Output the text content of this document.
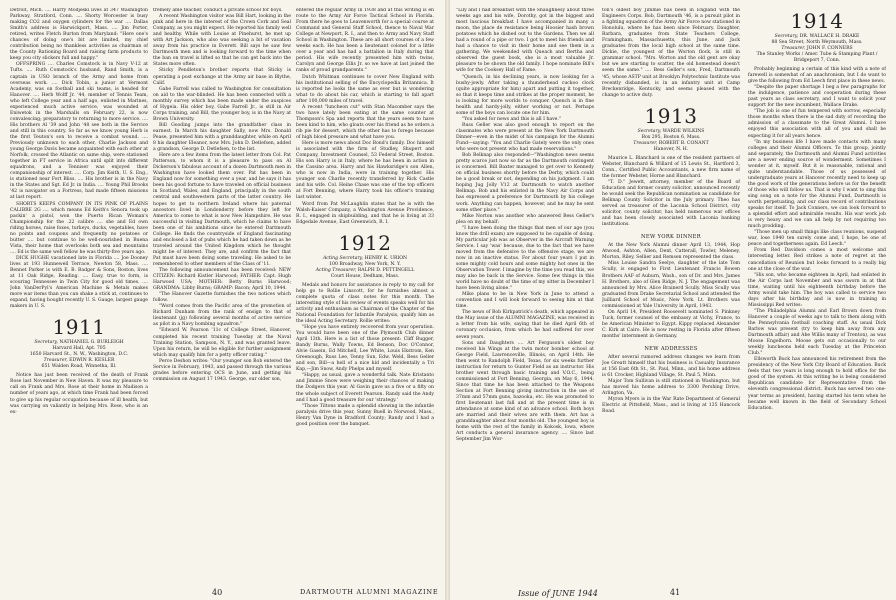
Detroit, Mich. .... Harry Modjeski lives at 347 Washington Parkway, Stratford, Conn. .... Shorty Worcester is busy making CO2 and oxygen cylinders for the war .... Dallas Smith's address is Harwickport, Mass. .... Jim Porter, retired, writes Fletch Burton from Maryland: "Here one's chances of doing one's bit are limited, my chief contribution being no thankless activities as chairman of the County Rationing Board and raising farm products to keep you city slickers full and happy."

OFFSPRING .... Charles Comstock is in Navy V-12 at Tufts. .... Ruth Comstock's husband, Rand Smith, is a captain in USO branch of the Army and home from overseas work. .... Dick Tobin, a junior at Vermont Academy, was on football and ski teams, is headed for Hanover. .... Herb Wolff Jr. '44, member of Tennis Team, who left College year and a half ago, enlisted in Marines, experienced much active service, was wounded at Eniwetok in the Marshalls on February 22, is now convalescing; preparatory to returning to more service. .... His brothers Al '39 and John '48 see both in the Service and still in this country. So far as we know young Herb is the first Teuton's son to receive a combat wound. .... Previously unknown to each other, Charlie Jackson and young George Davis became acquainted with each other at Norfolk, crossed the Atlantic on same ship, were stationed together in FT service in Africa until split into different squadrons, and a Tenniser was enjoyed their companionship of interest. .... Corp. Jim Keith, U. S. Eng., is stationed near Fort Bliss. .... His brother is in the Navy in the States and Sgt. Ed Jr. in India. .... Young Phil Brooks '42 is navigator on a Fortress, had made fifteen missions at last report.

SHORTS KEEPS COMPANY IN ITS PINK OF PLAINS CALIBRE 2G .... which means Ed Keith's Senora took up packin' a pistol, won the Puerto Rican Woman's Championship for the .22 calibre .... she and Ed own riding horses, raise foxes, turkeys, ducks, vegetables, have no points and coupons and frequently no potatoes or butter .... but continue to be well-nourished in Buena Vista, their home that overlooks both sea and mountains .... Ed is the same well fellow he was thirty-five years ago.

DICK HUGHE vacationed late in Florida .... Joe Dooney lives at 193 Hunnewell Terrace, Newton 58, Mass. .... Bennet Parker is with E. B. Badger & Sons, Boston, lives at 11 Oak Ridge, Reading. .... Easy, true to form, is scouring Tennessee in Twin City for good old times. .... John VanDerPyl's American Machine & Metals makes more war items than you can shake a stick at, continues to expand, having bought recently U. S. Gauge, largest gauge makers in U. S.

1911
Secretary, NATHANIEL G. BURLEIGH
Harvard Hall, Apt. 705
1650 Harvard St., N. W., Washington, D.C.
Treasurer, EDWIN R. KESLER
651 Walden Road, Winnetka, Ill.

Notice has just been received of the death of Frank Rose last November in New Haven. It was my pleasure to call on Frank and Mrs. Rose at their home in Madison a number of years ago, at which time Frank had been forced to give up his regular occupation because of ill health, but was carrying on valiantly in helping Mrs. Rose, who is an ex-

tremely able teacher, conduct a private school for boys.

A recent Washington visitor was Bill Hart, looking in the pink and here in the interest of the Crown Cork and Seal Company, as you might expect. He reported his family well and healthy. While with Louise at Pinehurst, he met up with Art Jackson, who also was seeking a bit of vacation away from his practice in Everett. Bill says he saw few Dartmouth men and is looking forward to the time when the ban on travel is lifted so that he can get back into the States more often.

Sticky Pendleton's brother reports that Sticky is operating a post exchange at the Army air base in Blythe, Calif.

Gabe Farrell was called to Washington for consultation on aid to the war-blinded. He has been connected with a monthly survey which has been made under the auspices of Hygeia. His older boy, Gabe Farrell Jr., is still in Air Corps training, and Bill, the younger boy, is in the Navy at Brown University.

Bill Gooding jumps into the grandfather class in earnest. In March his daughter Sally, now Mrs. Donald Pease, presented him with a granddaughter, while on April 8 his daughter Eleanor, now Mrs. John D. Detlefsen, added a grandson, George D. Detlefsen, to the list.

Here are a few items from the latest letter from Col. Pat Patterson, to whom it is a pleasure to pass on Al Dickerson's fabulous account of a dozen Dartmouth men in Washington have looked them over. Pat has been in England now for something over a year, and he says it has been his good fortune to have traveled on official business in Scotland, Wales, and England, principally in the south central and southwestern parts of the latter country. He hopes to get to northern Ireland where his paternal ancestors lived in Londonderry before they left for America to come to what is now New Hampshire. He was successful in visiting Dartmouth, which he claims to have been one of his ambitions since he entered Dartmouth College. He finds the countryside of England fascinating and enclosed a list of pubs which he had taken down as he traveled around the United Kingdom which he thought might be of interest. They are, and confirm the fact that Pat must have been doing some traveling. He asked to be remembered to other members of the Class of '11.

The following announcement has been received: NEW CITIZEN: Richard Kistler Harwood; FATHER: Capt. Hugh Harwood USA; MOTHER: Betty Burns Harwood; GRANDMA: Libby Burns; GRAMP: Bacon; April 10, 1944.

"The Hanover Gazette furnishes the two notices which follow.

"Word comes from the Pacific area of the promotion of Richard Dunham from the rank of ensign to that of lieutenant (jg) following several months of active service as pilot in a Navy bombing squadron."

"Edward W. Pearson '11c of College Street, Hanover, completed his recent training Tuesday at the Naval Training Station, Sampson, N. Y., and was granted leave. Upon his return, he will be eligible for further assignment which may qualify him for a petty officer rating."

Perce Deshon writes: "Our younger son Bob entered the Service in February, 1943, and passed through the various grades before entering OCS in June, and getting his commission on August 17 1943. George, our older son,

entered the regular Army in 1938 and at this writing is en route to the Army Air Force Tactical School in Florida. From there he goes to Leavenworth for a special course at Command and General Staff School, thence to Naval War College at Newport, R. I., and then to Army and Navy Staff School in Washington. These are all short courses of a few weeks each. He has been a lieutenant colonel for a little over a year and has had a battalion in Italy during that period. His wife recently presented him with twins, Carolyn and George Ellis Jr. so we have at last joined the ranks of proud grandparents."

Dutch Whitman continues to cover New England with his institutional selling of the Encyclopedia Britannica. It is reported he looks the same as ever but is wondering what to do about his car, which is starting to fall apart after 100,000 miles of travel.

A recent "luncheon cut" with Stan Macomber says the two have lately been eating at the same counter at Thompson's Spa and reports that the years seem to have been kind to him, who gloats over his friend as he orders a rib pie for dessert, which the other has to forego because of high blood pressure and what have you.

Here is more news about Doc Bond's family. Doc himself is associated with the firm of Studley, Shupert and Company, Investment Counsel, 53 Federal Street, Boston. His son Harry is in Italy, where he has been in action in the Cassino area. Harry and his Hawksridge's son Allen, who is now in India, were in training together. His younger son Charlie recently transferred by Rick Castle and his wife. Col. Heine Chase was one of the top officers at Fort Benning, where Harry took his officer's training last winter.

Word from Pat McLaughlin states that he is with the Walsh-Kaiser Company, a Washington Avenue Providence, R. I., engaged in shipbuilding, and that he is living at 33 Edgedale Avenue, East Greenwich, R. I.

1912
Acting Secretary, HENRY K. URION
100 Broadway, New York, N. Y.
Acting Treasurer, RALPH D. PETTINGELL
Court House, Dedham, Mass.

Medals and honors for assistance in reply to my call for help go to Rollie Linscott, for he furnishes almost a complete quota of class notes for this month. The interesting style of his review of events speaks well for his activity and enthusiasm as Chairman of the Chapter of the National Foundation for Infantile Paralysis, qualify him as the ideal Acting Secretary. Rollie writes:

"Hope you have entirely recovered from your operation. You would have been one of the Plymouth Club dinner April 13th. Here is a list of those present: Cliff Bugger, Bandy Burns, Wally Towns, Ed Benson, Doc O'Connor, Alvie Gasein, Ed Mitchell, Lee White, Louis Ekstrom, Ken Greenough, Russ Lee, Tenny Sun, Edw. Weld, Bess Geller and son, Bill—a hell of a nice kid and incidentally a Tri Kap,—Jim Snow, Andy Phelps and myself.

"Happy, as usual, gave a wonderful talk. Nate Kristanto and Jimmie Snow were weighing their chances of making the Dodgers this year. Al Gavin gave us a five or a fifty on the whole subject of Everett Pearson. Randy said the Andy and I had a good treasure for our 'strategy.'

"Those Tiltons made a splendid showing in the infantile paralysis drive this year, Sunny Buell in Norwood, Mass., Henry Van Dyne in Bradford County; Randy and I had a good position over the banquet.

40	DARTMOUTH ALUMNI MAGAZINE

"Lily and I had breakfast with the Shaughnesy about three weeks ago and his wife, Dorothy, got in the biggest and most luscious breakfast I have accompanied in many a moon, the place de resistance being Hoosier hash brown potatoes which he dished out to the Gardens. Then we all had a round of a pipe or two. I got to meet his friends and had a chance to visit in their home and see them in a gathering. We weekended with Queach and Bertha and observed the guest book, she is a most valuable Jr. pleasure to be shown the old family. I hope nominate Bill's wife for the Cooksey Hall of Fame.

"Quench, in his declining years, is now looking for a bushy-jowly. After taking a thunderhead cuckoo clock (quite appropriate for him) apart and putting it together, so that it keeps time and strikes at the proper moment, he is looking for more worlds to conquer. Quench is in fine health and hardy-jolly, either working or not. Perhaps some of the boys can locate one for him.

"You asked for news and this is all I have."

Russ Geller was also good enough to report on the classmates who were present at the New York Dartmouth Dinner—even in the midst of his campaign for the Alumni Fund—saying: "You and Charlie Gately were the only ones who were not present who had made reservations."

Bob Belknap also responded—"Washington news seems pretty scarce just now so far as the Dartmouth contingent is concerned. Bill Baxter managed to get over to Kennedy on official business shortly before the Derby, which could be a good break or not, depending on his judgment. I am hoping Jug Jolly V12 at Dartmouth to watch another Belknap. Bob and his enlisted in the Navy Air Corps and has expressed a preference for Dartmouth by his college work. Anything can happen, however, and he may be sent some other place."

Mike Norton was another who answered Bess Geller's plea on my behalf:

"I have been doing the things that men of our age (you know the drill exam) are supposed to be capable of doing. My particular job was as Observer in the Aircraft Warning Service. I say 'was' because, due to the fact that we have moved from the defensive to the offensive stage, we are now in an inactive status. For about four years I put in some mighty cold hours and some mighty hot ones in the Observation Tower. I imagine by the time you read this, we may also be back in the Service. Some few things in this world have no doubt of the time of my sitter in December I have been living alone."

Mike plans to be in New York in June to attend a convention and I will look forward to seeing him at that time.

The news of Bob Kirkpatrick's death, which appeared in the May issue of the ALUMNI MAGAZINE, was received in a letter from his wife, saying that he died April 6th of coronary occlusion, from which he had suffered for over seven years.

Sons and Daughters .... Art Ferguson's oldest boy received his Wings at the twin motor bomber school at George Field, Lawrenceville, Illinois, on April 14th. He then went to Randolph Field, Texas, for six weeks further instruction for return to Gunter Field as an instructor. His brother went through basic training and V.O.C., being commissioned at Fort Benning, Georgia, on May 6, 1944. Since that time he has been attached to the Weapons Section at Fort Benning giving instruction in the use of 37mm and 57mm guns, bazooka, etc. He was promoted to first lieutenant last fall and at the present time is in attendance at some kind of an advance school. Both boys are married and their wives are with them. Art has a granddaughter about four months old. The youngest boy is home with the rest of the family in Kokosk, Iowa, where Art conducts a general insurance agency. .... Since last September Jim Wor-

ton's oldest boy Jimmie has been in England with the Engineers Corps. Bob, Dartmouth '46, is a pursuit pilot in a fighting squadron of the Army Air Force now stationed in Honolulu, where he has been since February. Daughter, Barbara, graduates from State Teachers College, Framingham, Massachusetts, this June, and Jack graduates from the local high school at the same time. Dickie, the youngest of the Worton flock, is still in grammar school. "Mrs. Worton and the old gent are okay but we are starting to scatter, the old homestead doesn't seem the same." .... Bess Geller's son, Fred, Dartmouth '45, whose ASTP unit at Brooklyn Polytechnic Institute was recently disbanded, is in an infantry unit at Camp Breckenridge, Kentucky, and seems pleased with the change to active duty.

1913
Secretary, WARDE WILKINS
Box 295, Boston 6, Mass.
Treasurer, ROBERT B. CONANT
Hanover, N. H.

Maurice L. Blanchard is one of the resident partners of Webster, Blanchard & Willard of 15 Lewis St., Hartford 3, Conn., Certified Public Accountants, a new firm name of the former Webster, Horne and Blanchard.

"T. D." Jewett, attorney, member of the Board of Education and former county solicitor, announced recently he would seek the Republican nomination as candidate for Belknap County Solicitor in the July primary. Theo has served as treasurer of the Laconia School District, city solicitor, county solicitor, has held numerous war offices and has been closely associated with Laconia banking institutions.

NEW YORK DINNER

At the New York Alumni dinner April 13, 1944, Hop Atwood, Ashton, Allen, Dent, Catterall, Towler, Meleney, Morton, Riley, Sellier and Remsen represented the class.

Miss Louise Sandra Seelye, daughter of the late Tom Scully, is engaged to First Lieutenant Francis Bowen Brothers AAF of Auburn, Wash., son of Dr. and Mrs. James H. Brothers, also of Glen Ridge, N. J. The engagement was announced by Mrs. Alice Brainerd Scully. Miss Scully was graduated from Drake Secretarial School and attended the Juilliard School of Music, New York. Lt. Brothers was commissioned at Yale University in April, 1943.

On April 14, President Roosevelt nominated S. Pinkney Tuck, former counsel of the embassy at Vichy, France, to be American Minister to Egypt. Kippy replaced Alexander C. Kirk at Cairo. He is now resting in Florida after fifteen months' internment in Germany.

NEW ADDRESSES

After several rumored address changes we learn from Joe Greatt himself that his business is Casualty Insurance at 156 East 6th St., St. Paul, Minn., and his home address is 61 Crocker, Highland Village, St. Paul 5, Minn.

Major Tom Sullivan is still stationed in Washington, but has moved his home address to 3300 Pershing Drive, Arlington, Va.

Myron Myers is in the War Rate Department of General Electric at Pittsfield, Mass., and is living at 135 Hancock Road.

1914
Secretary, DR. WALLACE H. DRAKE
88 Sea Street, North Weymouth, Mass.
Treasurer, JOHN F. CONNERS
The Stanley Works / Amer. Tube & Stamping Plant / Bridgeport 7, Conn.

Probably beginning a certain of this kind with a note of farewell is somewhat of an anachronism, but I do want to give the following from Ed Leech first place in these news.

"Despite the paper shortage I beg a few paragraphs for the indulgence, patience and cooperation during these past years as class secretary, and I want to solicit your support for the new incumbent, Wallace Drake.

"The job is one of fun tempered with sorrow, especially those months when there is the sad duty of recording the admission of a classmate to the Great Alumni. I have enjoyed this association with all of you and shall be expecting it for all years hence.

"In my business life I have made contacts with many colleges and their Alumni Officers. To this group, jointly and separately, the Dartmouth and Alumni Fund activities are a never ending source of wonderment. Sometimes I wonder at it, myself. But it is reasonable, rational and quite understandable. Those of us possessed of undergraduate years at Hanover recently need to keep up the good work of the generations before us for the benefit of those who will follow us. That is why I want to sing this sing song on a note for the Alumni Fund, Dartmouth is worth perpetuating, and our class record of contributions speaks for itself. To Jack Conners, we can look forward to a splendid effort and admirable results. His war work job is very heavy and we can all help by not requiring too much prodding.

"Those men up small things like class reunions, suspend war, lose 1940 ten surely come and, I hope, be one of peace and togetherness again. Ed Leech."

From Red Davidson comes a most welcome and interesting letter. Red strikes a note of regret at the cancellation of Reunion but looks forward to a really big one at the close of the war.

"His son, who became eighteen in April, had enlisted in the Air Corps last November and was sworn in at that time, waiting until his eighteenth birthday before the Army would take him. The boy was called to service two days after his birthday and is now in training in Mississippi Red writes:

"The Philadelphia Alumni and Earl Brown down from Hanover a couple of weeks ago to talk to them along with the Pennsylvania football coaching staff. As usual Dick Barlow was present (try to keep him away from any Dartmouth affair) and Abe Willis many of Trenton), as was Moose Engelhorn. Moose gets out occasionally to our weekly luncheons held each Tuesday at the Princeton Club."

Ellsworth Buck has announced his retirement from the presidency of the New York City Board of Education. Buck feels that two years is long enough to hold office for the good of the system. At this writing he is being considered Republican candidate for Representative from the eleventh congressional district. Buck has served two one-year terms as president, having started his term when he became well known in the field of Secondary School Education.

Issue of JUNE 1944	41
